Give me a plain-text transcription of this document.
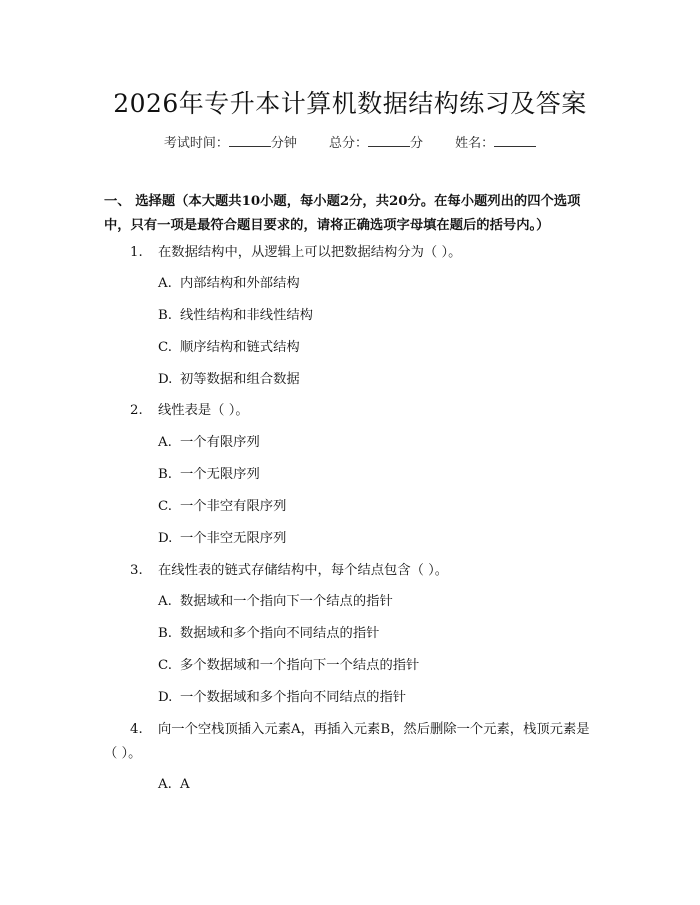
2026年专升本计算机数据结构练习及答案
考试时间：	分钟 总分：	分 姓名：
一、 选择题（本大题共10小题，每小题2分，共20分。在每小题列出的四个选项中，只有一项是最符合题目要求的，请将正确选项字母填在题后的括号内。）
1. 在数据结构中，从逻辑上可以把数据结构分为（ ）。
A. 内部结构和外部结构
B. 线性结构和非线性结构
C. 顺序结构和链式结构
D. 初等数据和组合数据
2. 线性表是（ ）。
A. 一个有限序列
B. 一个无限序列
C. 一个非空有限序列
D. 一个非空无限序列
3. 在线性表的链式存储结构中，每个结点包含（ ）。
A. 数据域和一个指向下一个结点的指针
B. 数据域和多个指向不同结点的指针
C. 多个数据域和一个指向下一个结点的指针
D. 一个数据域和多个指向不同结点的指针
4. 向一个空栈顶插入元素A，再插入元素B，然后删除一个元素，栈顶元素是（ ）。
A. A
